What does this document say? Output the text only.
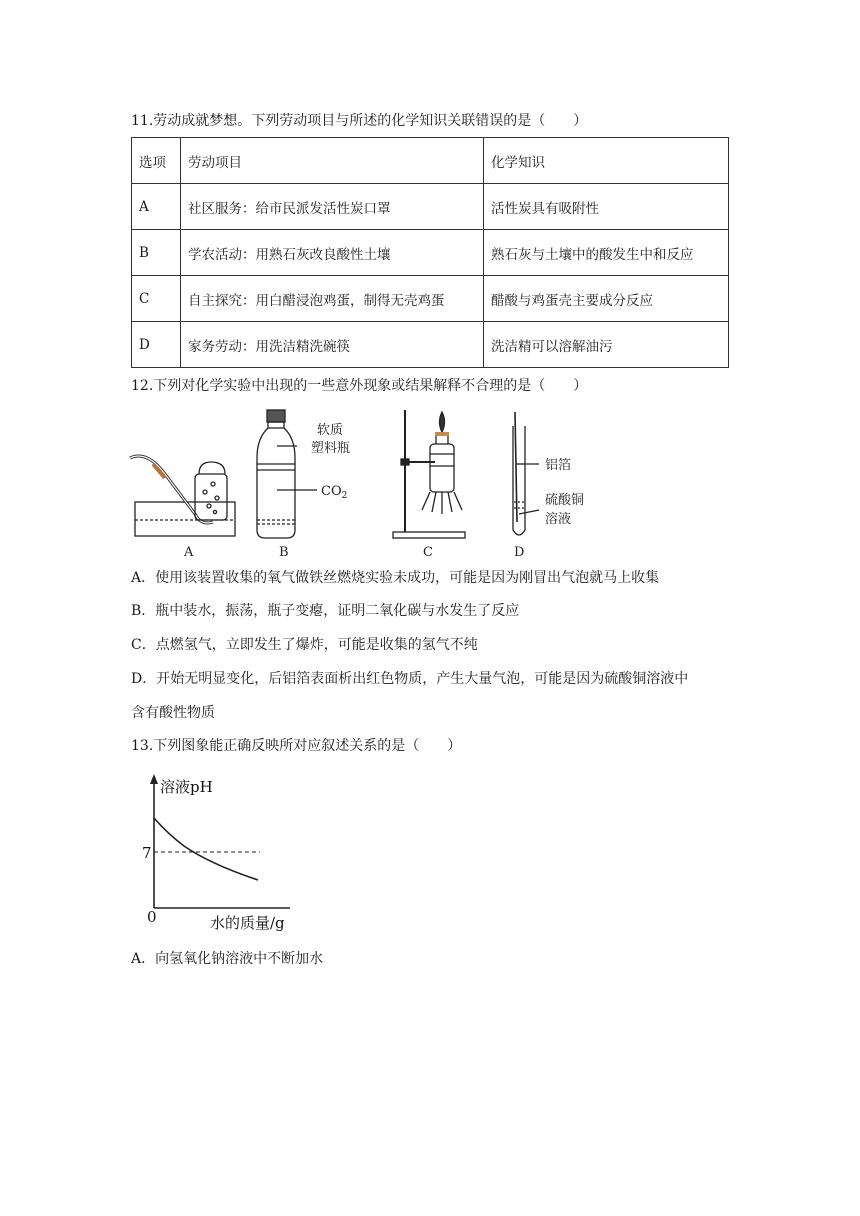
11.劳动成就梦想。下列劳动项目与所述的化学知识关联错误的是（　　）
选项	劳动项目	化学知识
A	社区服务：给市民派发活性炭口罩	活性炭具有吸附性
B	学农活动：用熟石灰改良酸性土壤	熟石灰与土壤中的酸发生中和反应
C	自主探究：用白醋浸泡鸡蛋，制得无壳鸡蛋	醋酸与鸡蛋壳主要成分反应
D	家务劳动：用洗洁精洗碗筷	洗洁精可以溶解油污
12.下列对化学实验中出现的一些意外现象或结果解释不合理的是（　　）
软质
塑料瓶
$CO_2$
铝箔
硫酸铜
溶液
A	B	C	D
A．使用该装置收集的氧气做铁丝燃烧实验未成功，可能是因为刚冒出气泡就马上收集
B．瓶中装水，振荡，瓶子变瘪，证明二氧化碳与水发生了反应
C．点燃氢气，立即发生了爆炸，可能是收集的氢气不纯
D．开始无明显变化，后铝箔表面析出红色物质，产生大量气泡，可能是因为硫酸铜溶液中
含有酸性物质
13.下列图象能正确反映所对应叙述关系的是（　　）
溶液pH
7
0	水的质量/g
A．向氢氧化钠溶液中不断加水
